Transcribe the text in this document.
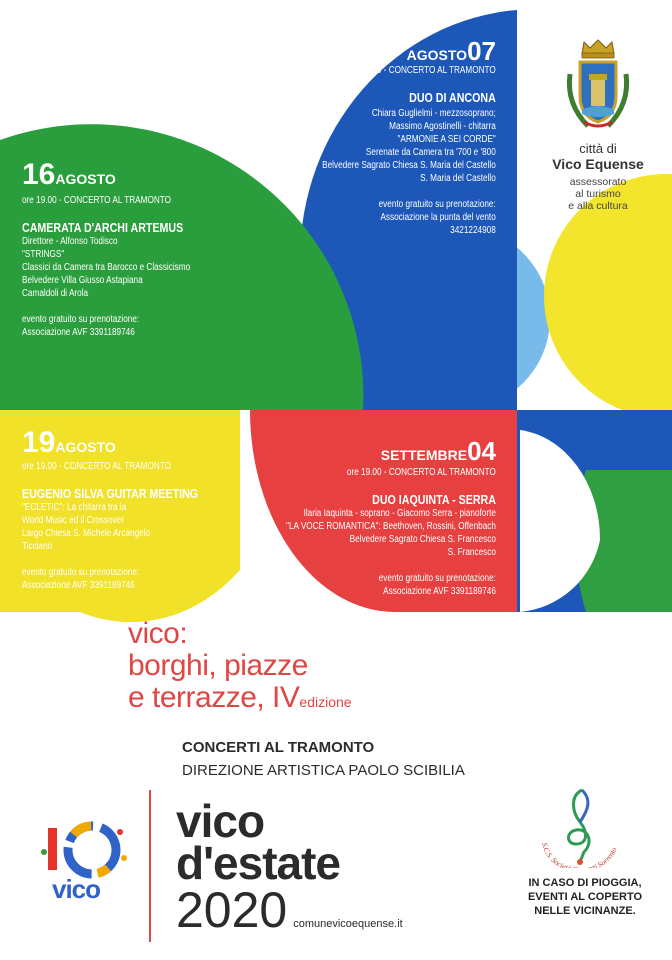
AGOSTO07
ore 19.30 - CONCERTO AL TRAMONTO
DUO DI ANCONA
Chiara Guglielmi - mezzosoprano;
Massimo Agostinelli - chitarra
"ARMONIE A SEI CORDE"
Serenate da Camera tra '700 e '800
Belvedere Sagrato Chiesa S. Maria del Castello
S. Maria del Castello
evento gratuito su prenotazione:
Associazione la punta del vento
3421224908
16AGOSTO
ore 19.00 - CONCERTO AL TRAMONTO
CAMERATA D'ARCHI ARTEMUS
Direttore - Alfonso Todisco
"STRINGS"
Classici da Camera tra Barocco e Classicismo
Belvedere Villa Giusso Astapiana
Camaldoli di Arola
evento gratuito su prenotazione:
Associazione AVF 3391189746
19AGOSTO
ore 19.00 - CONCERTO AL TRAMONTO
EUGENIO SILVA GUITAR MEETING
"ECLETIC": La chitarra tra la
World Music ed il Crossover
Largo Chiesa S. Michele Arcangelo
Ticciano
evento gratuito su prenotazione:
Associazione AVF 3391189746
SETTEMBRE04
ore 19.00 - CONCERTO AL TRAMONTO
DUO IAQUINTA - SERRA
Ilaria Iaquinta - soprano - Giacomo Serra - pianoforte
"LA VOCE ROMANTICA": Beethoven, Rossini, Offenbach
Belvedere Sagrato Chiesa S. Francesco
S. Francesco
evento gratuito su prenotazione:
Associazione AVF 3391189746
città di
Vico Equense
assessorato
al turismo
e alla cultura
vico:
borghi, piazze
e terrazze, IVedizione
CONCERTI AL TRAMONTO
DIREZIONE ARTISTICA PAOLO SCIBILIA
vico
vico
d'estate
2020 comunevicoequense.it
S.C.S. Societ rti Sorrento
IN CASO DI PIOGGIA,
EVENTI AL COPERTO
NELLE VICINANZE.
